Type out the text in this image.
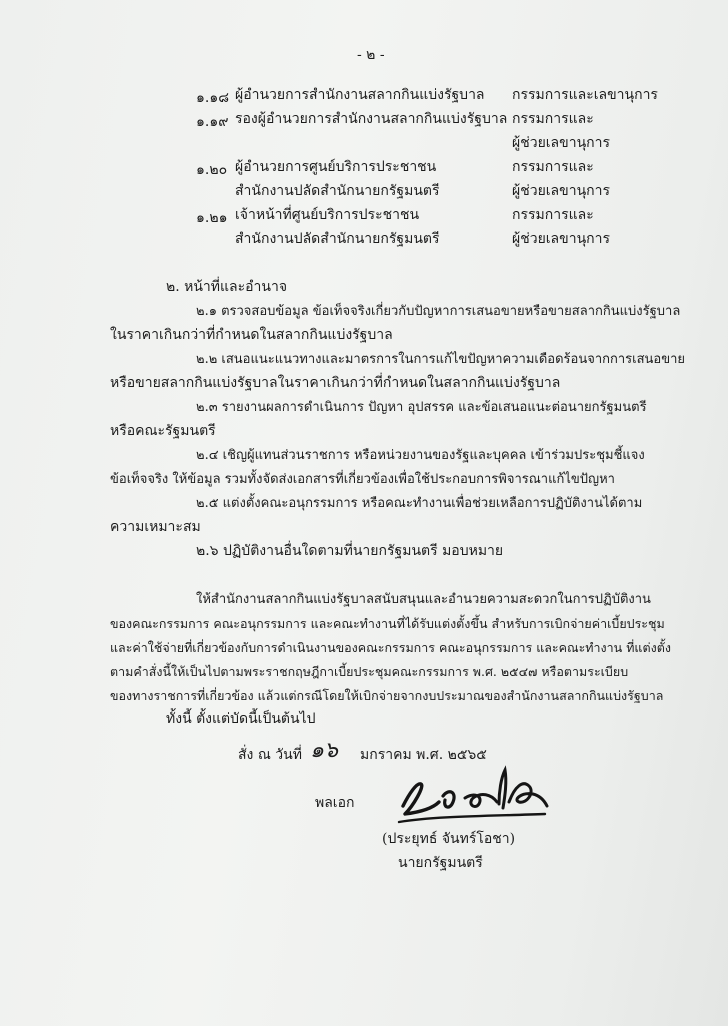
- ๒ -
๑.๑๘ ผู้อำนวยการสำนักงานสลากกินแบ่งรัฐบาล กรรมการและเลขานุการ
๑.๑๙ รองผู้อำนวยการสำนักงานสลากกินแบ่งรัฐบาล กรรมการและ
ผู้ช่วยเลขานุการ
๑.๒๐ ผู้อำนวยการศูนย์บริการประชาชน
สำนักงานปลัดสำนักนายกรัฐมนตรี
กรรมการและ
ผู้ช่วยเลขานุการ
๑.๒๑ เจ้าหน้าที่ศูนย์บริการประชาชน
สำนักงานปลัดสำนักนายกรัฐมนตรี
กรรมการและ
ผู้ช่วยเลขานุการ
๒. หน้าที่และอำนาจ
๒.๑ ตรวจสอบข้อมูล ข้อเท็จจริงเกี่ยวกับปัญหาการเสนอขายหรือขายสลากกินแบ่งรัฐบาล
ในราคาเกินกว่าที่กำหนดในสลากกินแบ่งรัฐบาล
๒.๒ เสนอแนะแนวทางและมาตรการในการแก้ไขปัญหาความเดือดร้อนจากการเสนอขาย
หรือขายสลากกินแบ่งรัฐบาลในราคาเกินกว่าที่กำหนดในสลากกินแบ่งรัฐบาล
๒.๓ รายงานผลการดำเนินการ ปัญหา อุปสรรค และข้อเสนอแนะต่อนายกรัฐมนตรี
หรือคณะรัฐมนตรี
๒.๔ เชิญผู้แทนส่วนราชการ หรือหน่วยงานของรัฐและบุคคล เข้าร่วมประชุมชี้แจง
ข้อเท็จจริง ให้ข้อมูล รวมทั้งจัดส่งเอกสารที่เกี่ยวข้องเพื่อใช้ประกอบการพิจารณาแก้ไขปัญหา
๒.๕ แต่งตั้งคณะอนุกรรมการ หรือคณะทำงานเพื่อช่วยเหลือการปฏิบัติงานได้ตาม
ความเหมาะสม
๒.๖ ปฏิบัติงานอื่นใดตามที่นายกรัฐมนตรี มอบหมาย
ให้สำนักงานสลากกินแบ่งรัฐบาลสนับสนุนและอำนวยความสะดวกในการปฏิบัติงาน
ของคณะกรรมการ คณะอนุกรรมการ และคณะทำงานที่ได้รับแต่งตั้งขึ้น สำหรับการเบิกจ่ายค่าเบี้ยประชุม
และค่าใช้จ่ายที่เกี่ยวข้องกับการดำเนินงานของคณะกรรมการ คณะอนุกรรมการ และคณะทำงาน ที่แต่งตั้ง
ตามคำสั่งนี้ให้เป็นไปตามพระราชกฤษฎีกาเบี้ยประชุมคณะกรรมการ พ.ศ. ๒๕๔๗ หรือตามระเบียบ
ของทางราชการที่เกี่ยวข้อง แล้วแต่กรณีโดยให้เบิกจ่ายจากงบประมาณของสำนักงานสลากกินแบ่งรัฐบาล
ทั้งนี้ ตั้งแต่บัดนี้เป็นต้นไป
สั่ง ณ วันที่ ๑๖ มกราคม พ.ศ. ๒๕๖๕
พลเอก
(ประยุทธ์ จันทร์โอชา)
นายกรัฐมนตรี
